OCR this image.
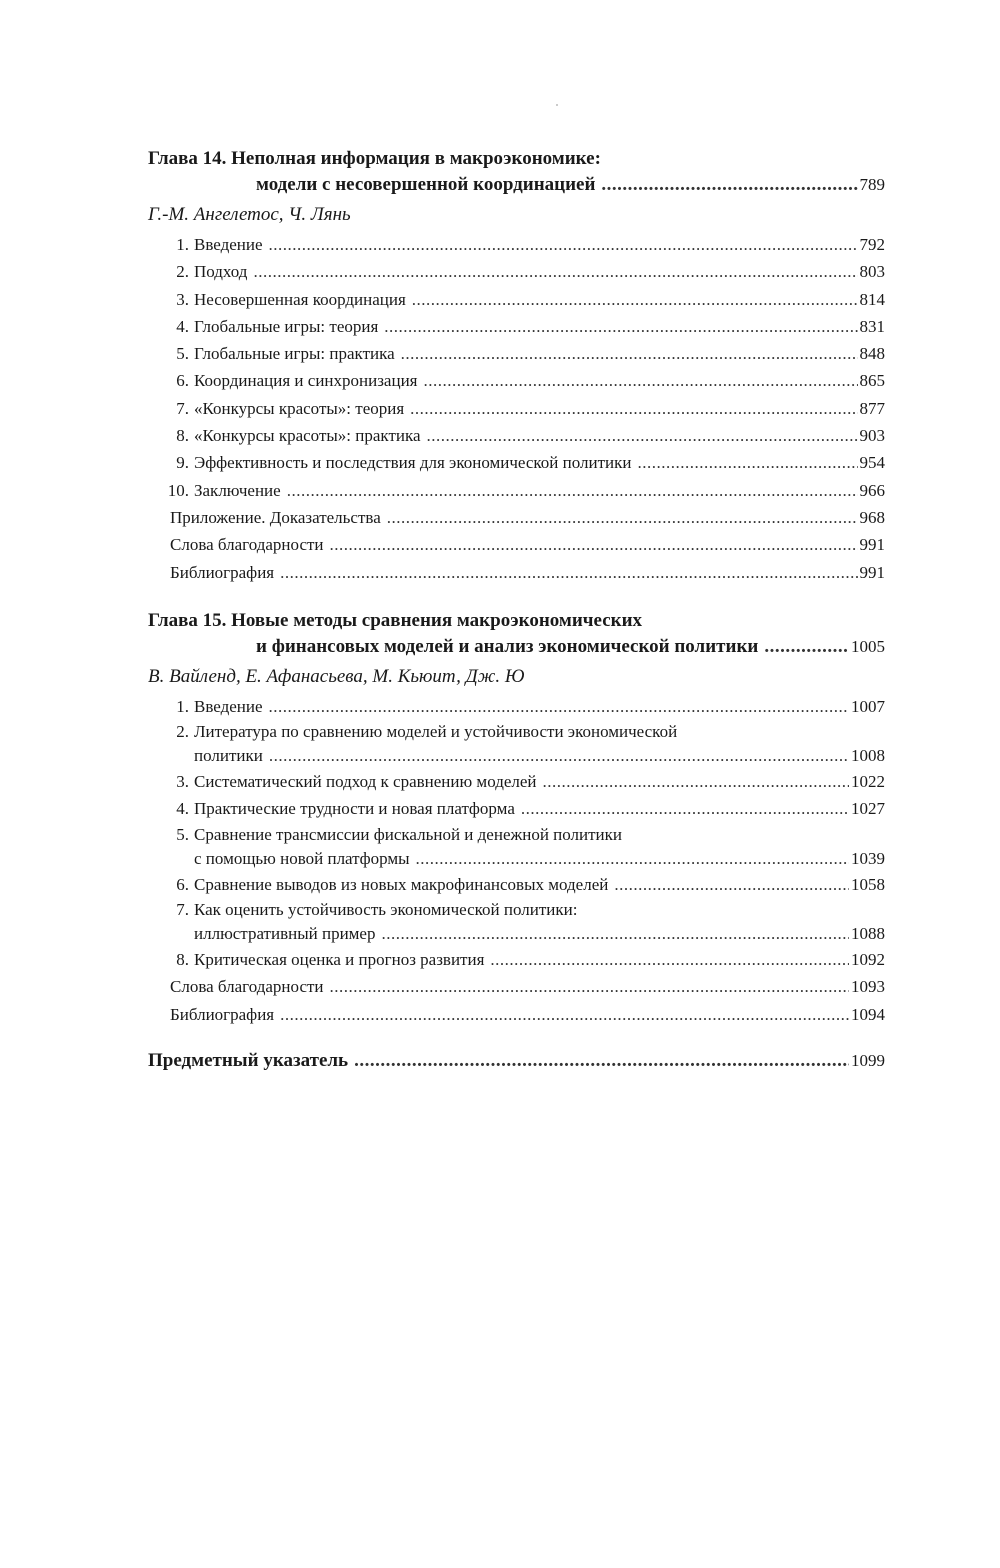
Глава 14. Неполная информация в макроэкономике:
модели с несовершенной координацией .....	789
Г.-М. Ангелетос, Ч. Лянь
1. Введение .....	792
2. Подход .....	803
3. Несовершенная координация .....	814
4. Глобальные игры: теория .....	831
5. Глобальные игры: практика .....	848
6. Координация и синхронизация .....	865
7. «Конкурсы красоты»: теория .....	877
8. «Конкурсы красоты»: практика .....	903
9. Эффективность и последствия для экономической политики .....	954
10. Заключение .....	966
Приложение. Доказательства .....	968
Слова благодарности .....	991
Библиография .....	991
Глава 15. Новые методы сравнения макроэкономических
и финансовых моделей и анализ экономической политики .....	1005
В. Вайленд, Е. Афанасьева, М. Кьюит, Дж. Ю
1. Введение .....	1007
2. Литература по сравнению моделей и устойчивости экономической
политики .....	1008
3. Систематический подход к сравнению моделей .....	1022
4. Практические трудности и новая платформа .....	1027
5. Сравнение трансмиссии фискальной и денежной политики
с помощью новой платформы .....	1039
6. Сравнение выводов из новых макрофинансовых моделей .....	1058
7. Как оценить устойчивость экономической политики:
иллюстративный пример .....	1088
8. Критическая оценка и прогноз развития .....	1092
Слова благодарности .....	1093
Библиография .....	1094
Предметный указатель .....	1099
